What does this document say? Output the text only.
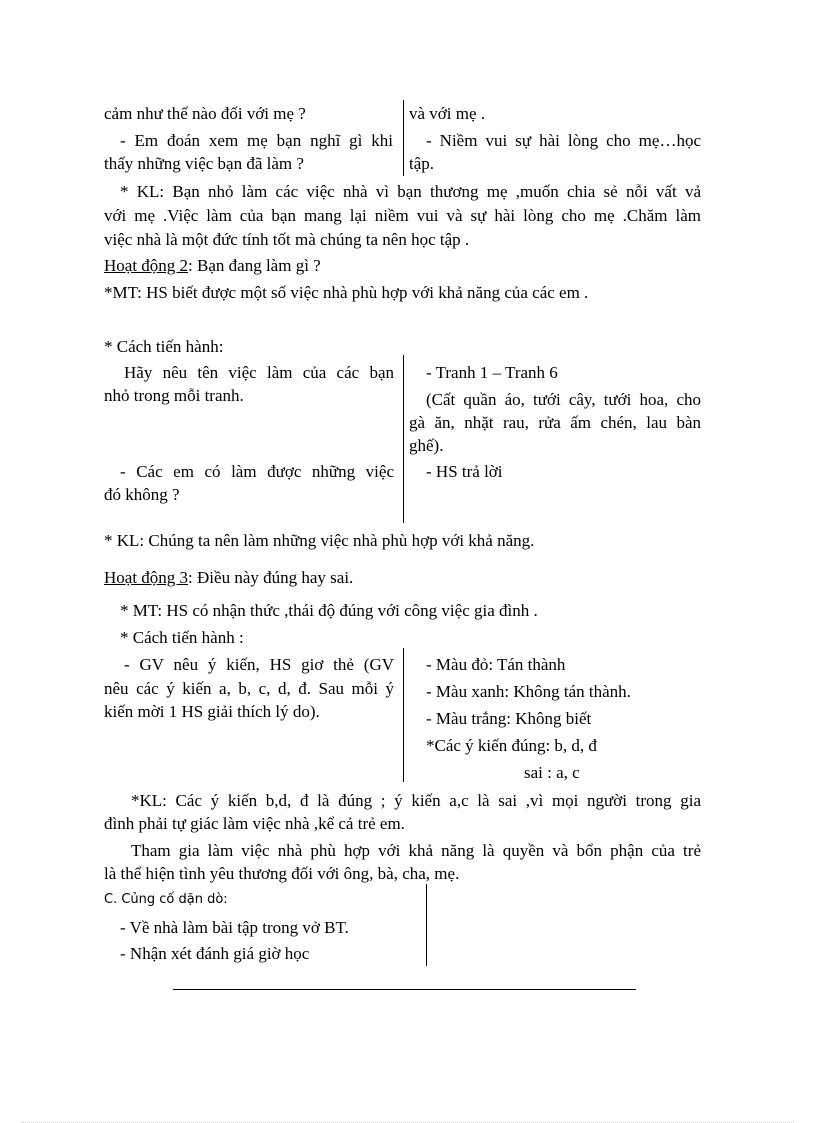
cảm như thế nào đối với mẹ ?
- Em đoán xem mẹ bạn nghĩ gì khi
thấy những việc bạn đã làm ?
và với mẹ .
- Niềm vui sự hài lòng cho mẹ…học
tập.
* KL: Bạn nhỏ làm các việc nhà vì bạn thương mẹ ,muốn chia sẻ nỗi vất vả
với mẹ .Việc làm của bạn mang lại niềm vui và sự hài lòng cho mẹ .Chăm làm
việc nhà là một đức tính tốt mà chúng ta nên học tập .
Hoạt động 2: Bạn đang làm gì ?
*MT: HS biết được một số việc nhà phù hợp với khả năng của các em .
* Cách tiến hành:
Hãy nêu tên việc làm của các bạn
nhỏ trong mỗi tranh.
- Các em có làm được những việc
đó không ?
- Tranh 1 – Tranh 6
(Cất quần áo, tưới cây, tưới hoa, cho
gà ăn, nhặt rau, rửa ấm chén, lau bàn
ghế).
- HS trả lời
* KL: Chúng ta nên làm những việc nhà phù hợp với khả năng.
Hoạt động 3: Điều này đúng hay sai.
* MT: HS có nhận thức ,thái độ đúng với công việc gia đình .
* Cách tiến hành :
- GV nêu ý kiến, HS giơ thẻ (GV
nêu các ý kiến a, b, c, d, đ. Sau mỗi ý
kiến mời 1 HS giải thích lý do).
- Màu đỏ: Tán thành
- Màu xanh: Không tán thành.
- Màu trắng: Không biết
*Các ý kiến đúng: b, d, đ
sai : a, c
*KL: Các ý kiến b,d, đ là đúng ; ý kiến a,c là sai ,vì mọi người trong gia
đình phải tự giác làm việc nhà ,kể cả trẻ em.
Tham gia làm việc nhà phù hợp với khả năng là quyền và bổn phận của trẻ
là thể hiện tình yêu thương đối với ông, bà, cha, mẹ.
C. Củng cố dặn dò:
- Về nhà làm bài tập trong vở BT.
- Nhận xét đánh giá giờ học
